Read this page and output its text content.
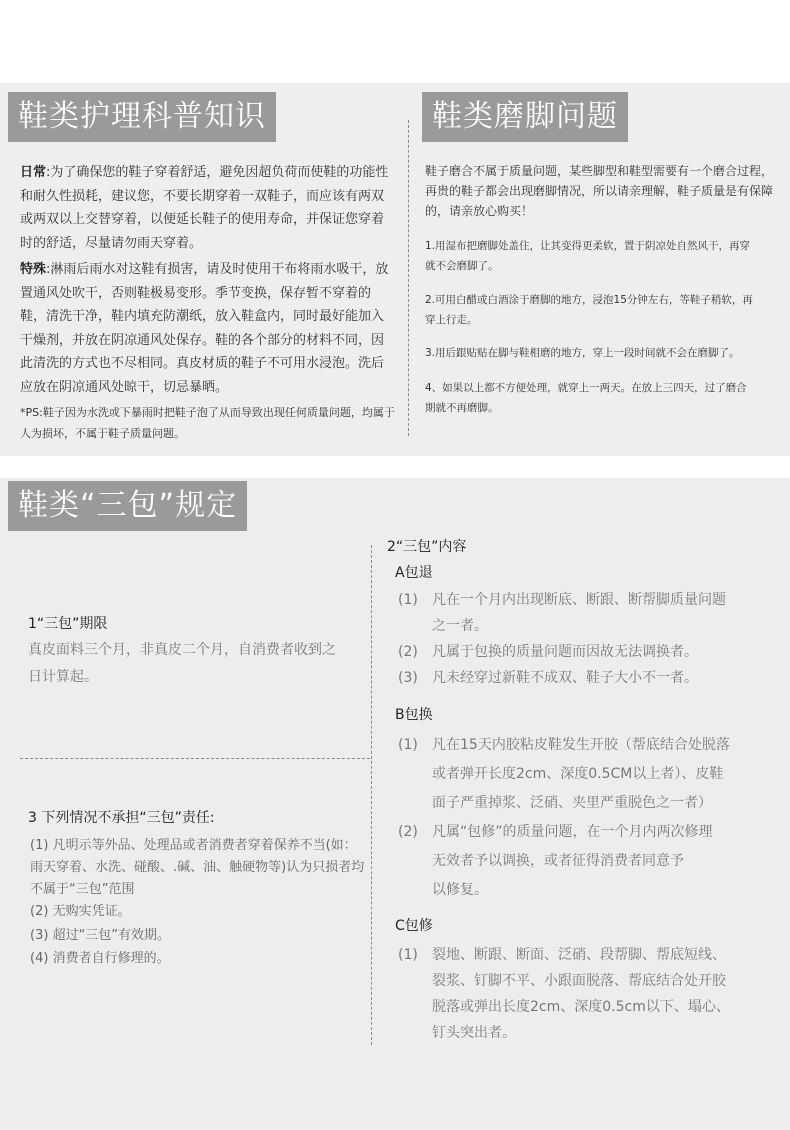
鞋类护理科普知识
日常:为了确保您的鞋子穿着舒适，避免因超负荷而使鞋的功能性和耐久性损耗，建议您，不要长期穿着一双鞋子，而应该有两双或两双以上交替穿着，以便延长鞋子的使用寿命，并保证您穿着时的舒适，尽量请勿雨天穿着。
特殊:淋雨后雨水对这鞋有损害，请及时使用干布将雨水吸干，放置通风处吹干，否则鞋极易变形。季节变换，保存暂不穿着的鞋，清洗干净，鞋内填充防潮纸，放入鞋盒内，同时最好能加入干燥剂，并放在阴凉通风处保存。鞋的各个部分的材料不同，因此清洗的方式也不尽相同。真皮材质的鞋子不可用水浸泡。洗后应放在阴凉通风处晾干，切忌暴晒。
*PS:鞋子因为水洗或下暴雨时把鞋子泡了从而导致出现任何质量问题，均属于人为损坏，不属于鞋子质量问题。
鞋类磨脚问题
鞋子磨合不属于质量问题，某些脚型和鞋型需要有一个磨合过程，再贵的鞋子都会出现磨脚情况，所以请亲理解，鞋子质量是有保障的，请亲放心购买！
1.用湿布把磨脚处盖住，让其变得更柔软，置于阴凉处自然风干，再穿就不会磨脚了。
2.可用白醋或白酒涂于磨脚的地方，浸泡15分钟左右，等鞋子稍软，再穿上行走。
3.用后跟贴贴在脚与鞋相磨的地方，穿上一段时间就不会在磨脚了。
4、如果以上都不方便处理，就穿上一两天。在放上三四天，过了磨合期就不再磨脚。
鞋类“三包”规定
1“三包”期限
真皮面料三个月，非真皮二个月，自消费者收到之日计算起。
3 下列情况不承担“三包”责任:
(1) 凡明示等外品、处理品或者消费者穿着保养不当(如：雨天穿着、水洗、碰酸、.碱、油、触硬物等)认为只损者均不属于“三包”范围
(2) 无购实凭证。
(3) 超过“三包”有效期。
(4) 消费者自行修理的。
2“三包”内容
A包退
(1) 凡在一个月内出现断底、断跟、断帮脚质量问题
之一者。
(2) 凡属于包换的质量问题而因故无法调换者。
(3) 凡未经穿过新鞋不成双、鞋子大小不一者。
B包换
(1) 凡在15天内胶粘皮鞋发生开胶（帮底结合处脱落
或者弹开长度2cm、深度0.5CM以上者）、皮鞋
面子严重掉浆、泛硝、夹里严重脱色之一者）
(2) 凡属“包修”的质量问题，在一个月内两次修理
无效者予以调换，或者征得消费者同意予
以修复。
C包修
(1) 裂地、断跟、断面、泛硝、段帮脚、帮底短线、
裂浆、钉脚不平、小跟面脱落、帮底结合处开胶
脱落或弹出长度2cm、深度0.5cm以下、塌心、
钉头突出者。
